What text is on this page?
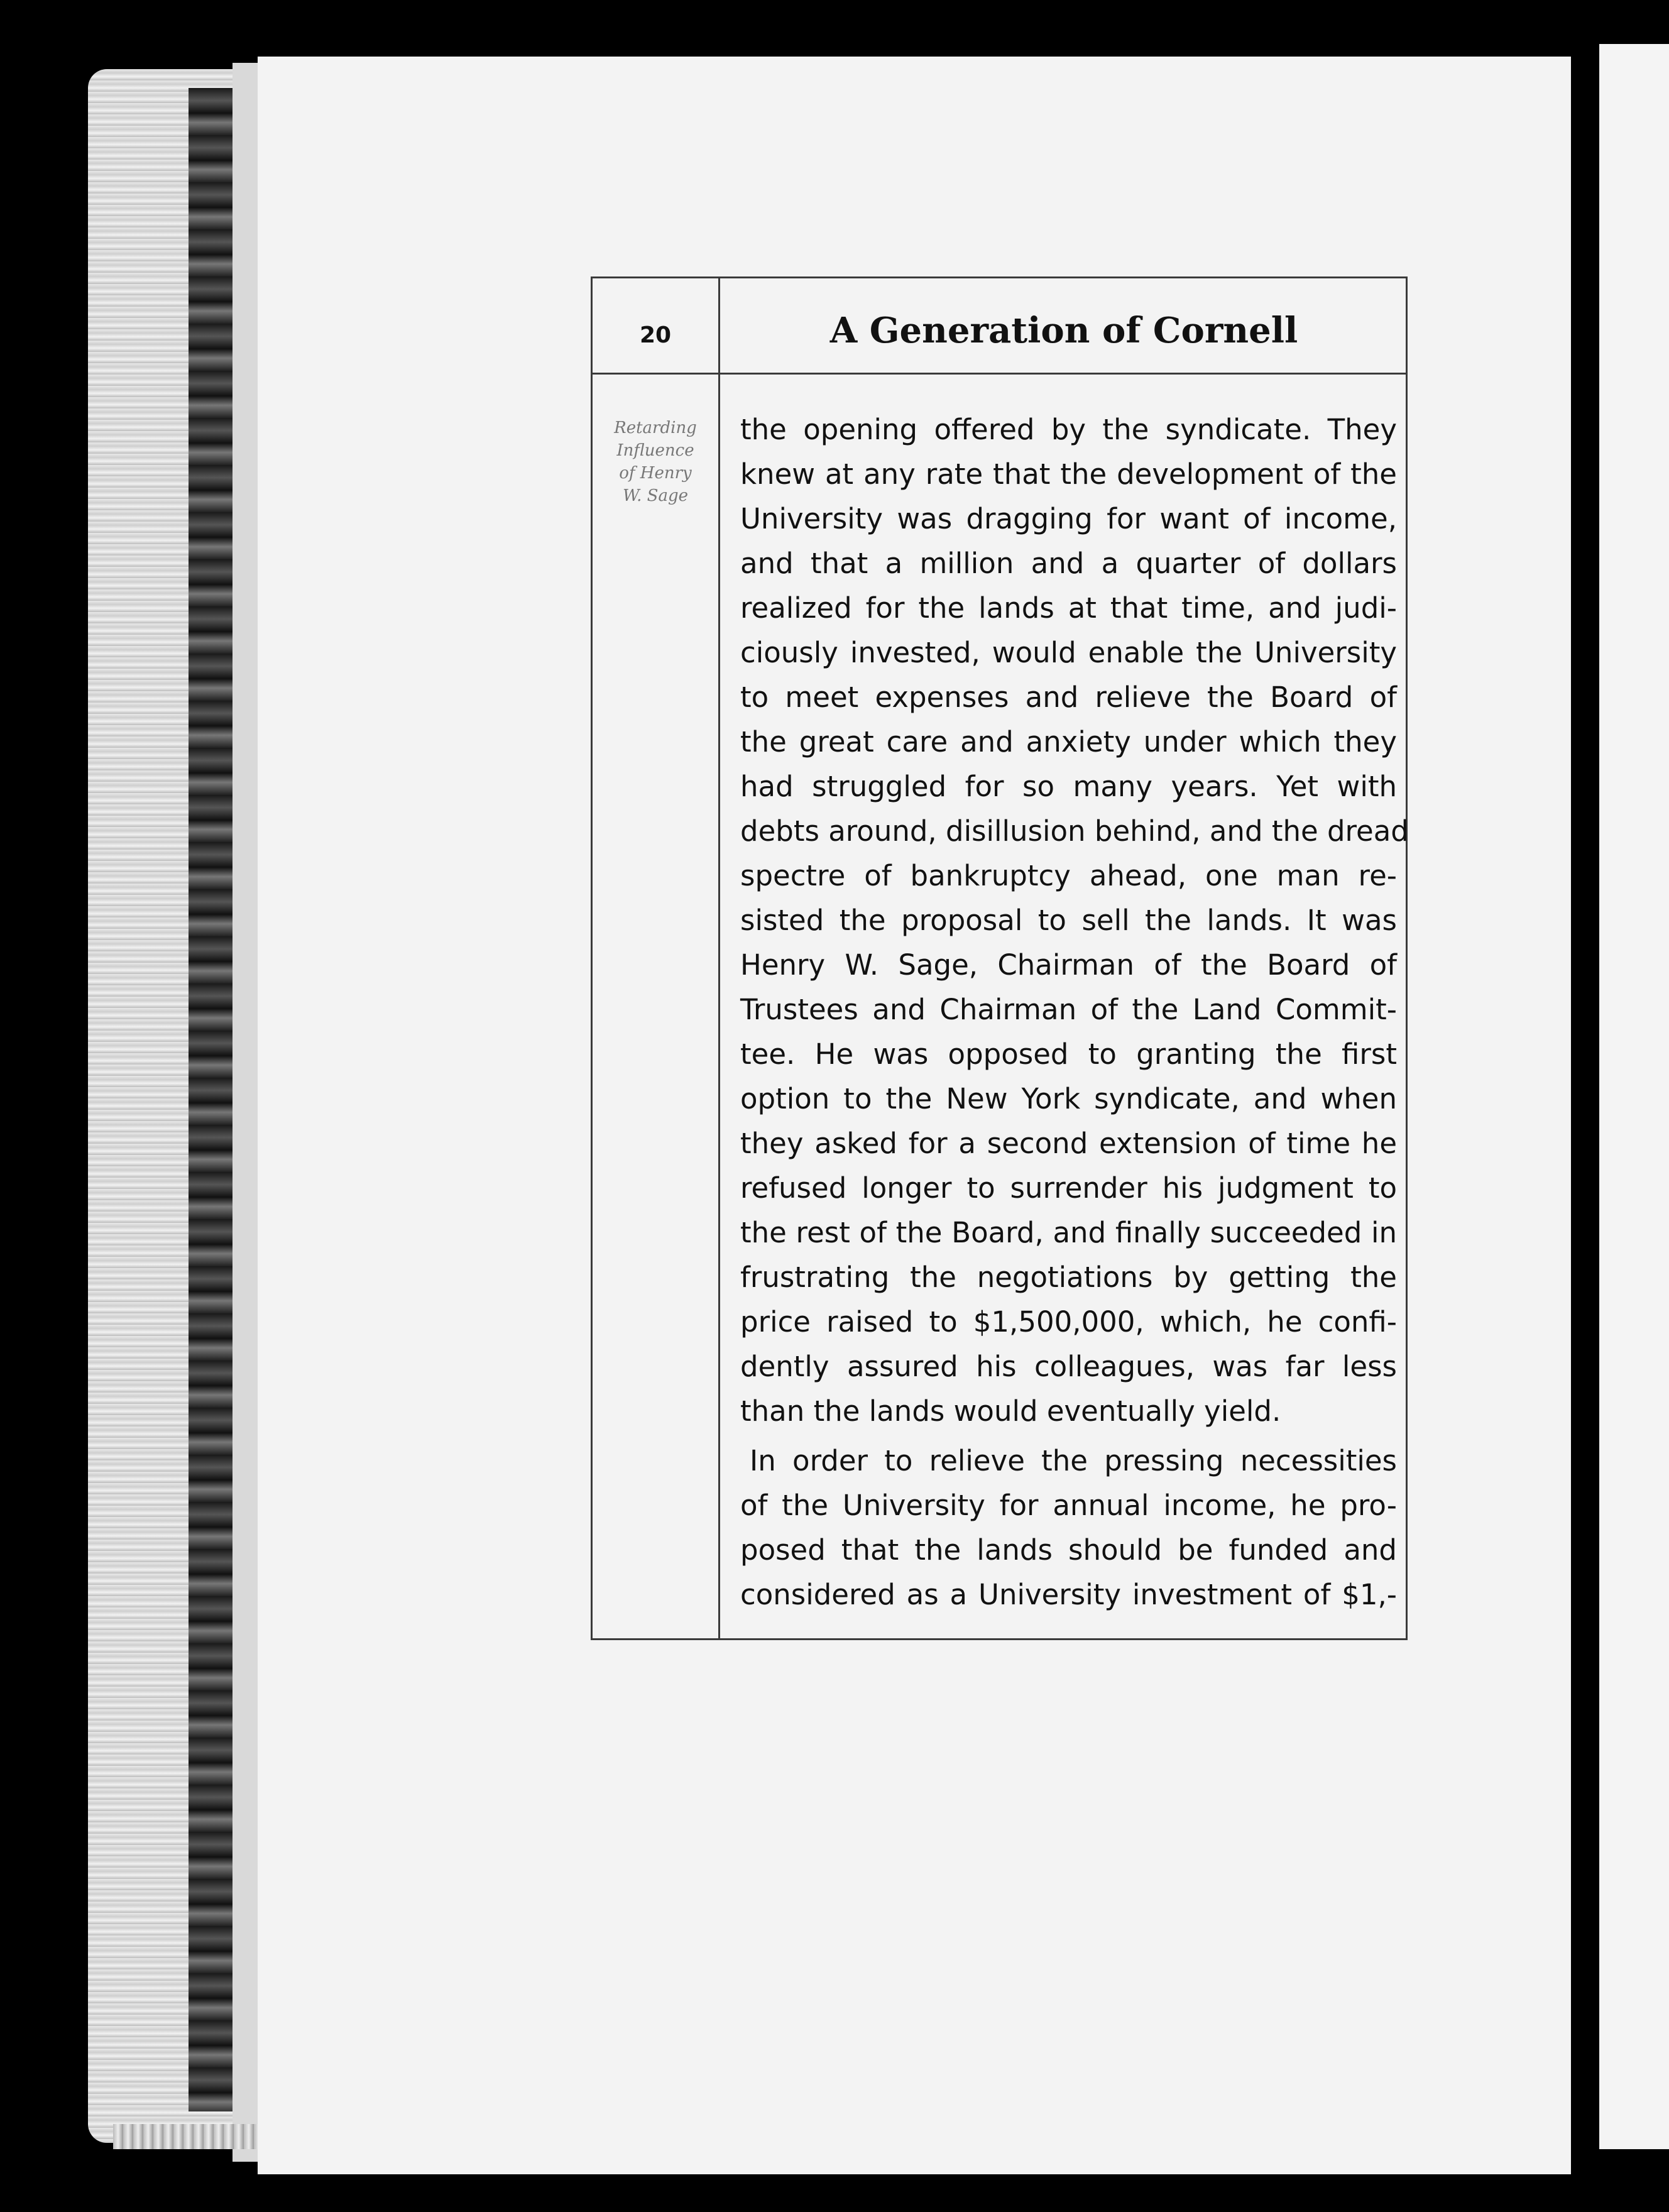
20	A Generation of Cornell
Retarding
Influence
of Henry
W. Sage
the opening offered by the syndicate. They
knew at any rate that the development of the
University was dragging for want of income,
and that a million and a quarter of dollars
realized for the lands at that time, and judi-
ciously invested, would enable the University
to meet expenses and relieve the Board of
the great care and anxiety under which they
had struggled for so many years. Yet with
debts around, disillusion behind, and the dread
spectre of bankruptcy ahead, one man re-
sisted the proposal to sell the lands. It was
Henry W. Sage, Chairman of the Board of
Trustees and Chairman of the Land Commit-
tee. He was opposed to granting the first
option to the New York syndicate, and when
they asked for a second extension of time he
refused longer to surrender his judgment to
the rest of the Board, and finally succeeded in
frustrating the negotiations by getting the
price raised to $1,500,000, which, he confi-
dently assured his colleagues, was far less
than the lands would eventually yield.
In order to relieve the pressing necessities
of the University for annual income, he pro-
posed that the lands should be funded and
considered as a University investment of $1,-
